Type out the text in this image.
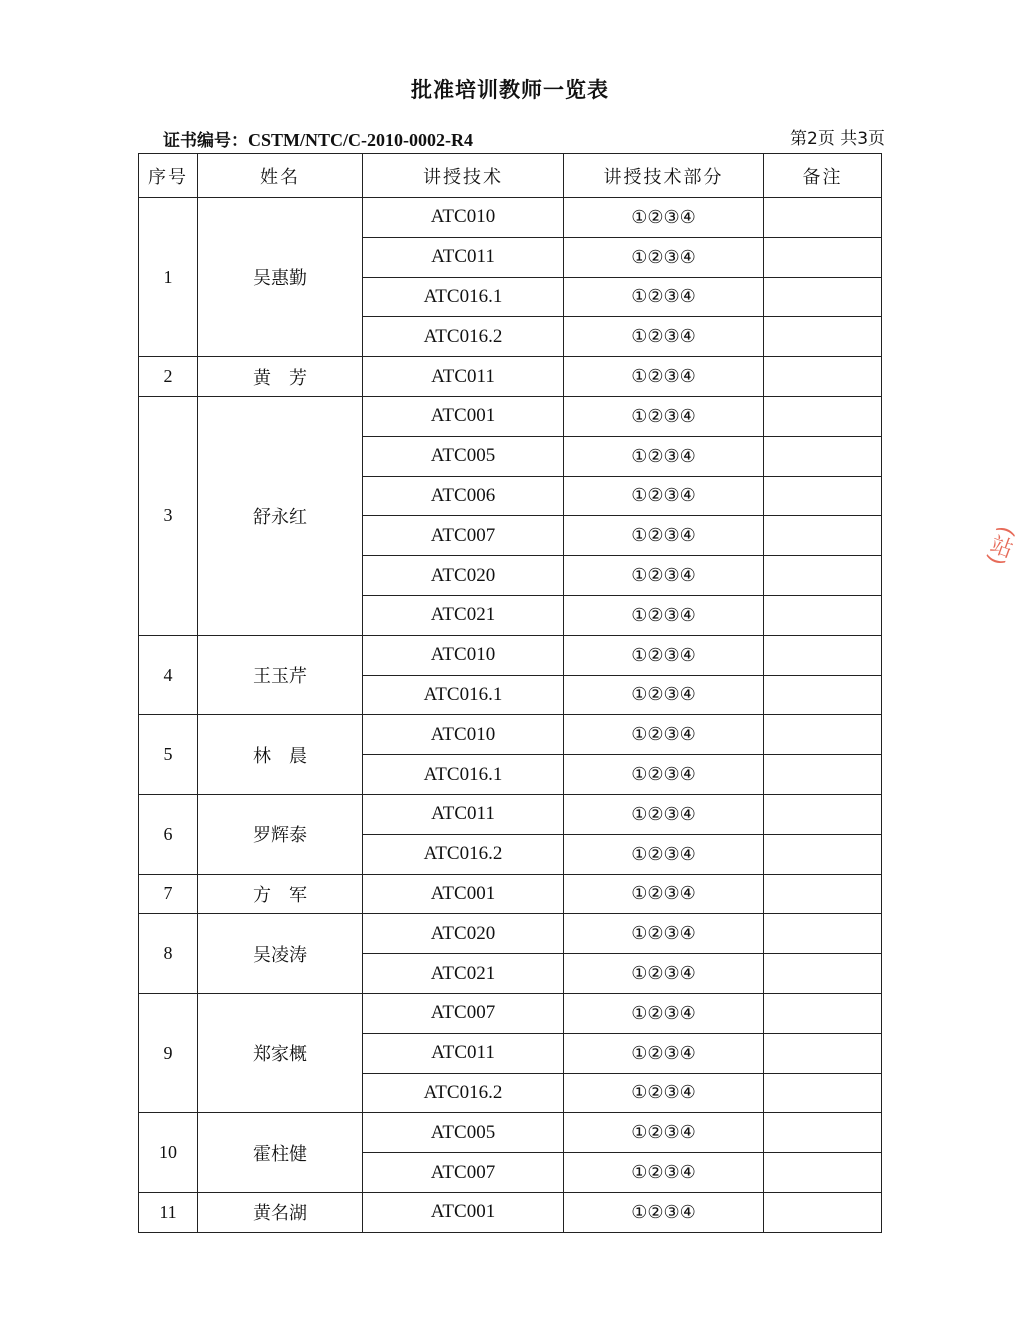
批准培训教师一览表
证书编号：CSTM/NTC/C-2010-0002-R4	第2页 共3页
序号	姓名	讲授技术	讲授技术部分	备注
1	吴惠勤	ATC010	①②③④	
		ATC011	①②③④	
		ATC016.1	①②③④	
		ATC016.2	①②③④	
2	黄　芳	ATC011	①②③④	
3	舒永红	ATC001	①②③④	
		ATC005	①②③④	
		ATC006	①②③④	
		ATC007	①②③④	
		ATC020	①②③④	
		ATC021	①②③④	
4	王玉芹	ATC010	①②③④	
		ATC016.1	①②③④	
5	林　晨	ATC010	①②③④	
		ATC016.1	①②③④	
6	罗辉泰	ATC011	①②③④	
		ATC016.2	①②③④	
7	方　军	ATC001	①②③④	
8	吴凌涛	ATC020	①②③④	
		ATC021	①②③④	
9	郑家概	ATC007	①②③④	
		ATC011	①②③④	
		ATC016.2	①②③④	
10	霍柱健	ATC005	①②③④	
		ATC007	①②③④	
11	黄名湖	ATC001	①②③④	
(站)
